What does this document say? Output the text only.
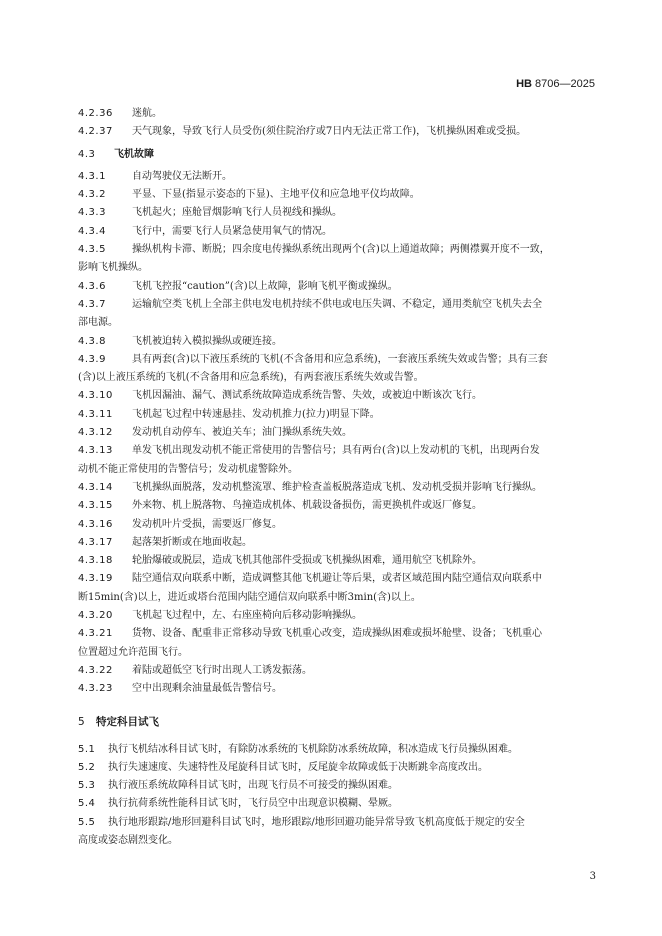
HB 8706—2025
4.2.36	迷航。
4.2.37	天气现象，导致飞行人员受伤(须住院治疗或7日内无法正常工作)，飞机操纵困难或受损。
4.3	飞机故障
4.3.1	自动驾驶仪无法断开。
4.3.2	平显、下显(指显示姿态的下显)、主地平仪和应急地平仪均故障。
4.3.3	飞机起火；座舱冒烟影响飞行人员视线和操纵。
4.3.4	飞行中，需要飞行人员紧急使用氧气的情况。
4.3.5	操纵机构卡滞、断脱；四余度电传操纵系统出现两个(含)以上通道故障；两侧襟翼开度不一致，
影响飞机操纵。
4.3.6	飞机飞控报“caution”(含)以上故障，影响飞机平衡或操纵。
4.3.7	运输航空类飞机上全部主供电发电机持续不供电或电压失调、不稳定，通用类航空飞机失去全
部电源。
4.3.8	飞机被迫转入模拟操纵或硬连接。
4.3.9	具有两套(含)以下液压系统的飞机(不含备用和应急系统)，一套液压系统失效或告警；具有三套
(含)以上液压系统的飞机(不含备用和应急系统)，有两套液压系统失效或告警。
4.3.10	飞机因漏油、漏气、测试系统故障造成系统告警、失效，或被迫中断该次飞行。
4.3.11	飞机起飞过程中转速悬挂、发动机推力(拉力)明显下降。
4.3.12	发动机自动停车、被迫关车；油门操纵系统失效。
4.3.13	单发飞机出现发动机不能正常使用的告警信号；具有两台(含)以上发动机的飞机，出现两台发
动机不能正常使用的告警信号；发动机虚警除外。
4.3.14	飞机操纵面脱落，发动机整流罩、维护检查盖板脱落造成飞机、发动机受损并影响飞行操纵。
4.3.15	外来物、机上脱落物、鸟撞造成机体、机载设备损伤，需更换机件或返厂修复。
4.3.16	发动机叶片受损，需要返厂修复。
4.3.17	起落架折断或在地面收起。
4.3.18	轮胎爆破或脱层，造成飞机其他部件受损或飞机操纵困难，通用航空飞机除外。
4.3.19	陆空通信双向联系中断，造成调整其他飞机避让等后果，或者区域范围内陆空通信双向联系中
断15min(含)以上，进近或塔台范围内陆空通信双向联系中断3min(含)以上。
4.3.20	飞机起飞过程中，左、右座座椅向后移动影响操纵。
4.3.21	货物、设备、配重非正常移动导致飞机重心改变，造成操纵困难或损坏舱壁、设备；飞机重心
位置超过允许范围飞行。
4.3.22	着陆或超低空飞行时出现人工诱发振荡。
4.3.23	空中出现剩余油量最低告警信号。
5	特定科目试飞
5.1	执行飞机结冰科目试飞时，有除防冰系统的飞机除防冰系统故障，积冰造成飞行员操纵困难。
5.2	执行失速速度、失速特性及尾旋科目试飞时，反尾旋伞故障或低于决断跳伞高度改出。
5.3	执行液压系统故障科目试飞时，出现飞行员不可接受的操纵困难。
5.4	执行抗荷系统性能科目试飞时，飞行员空中出现意识模糊、晕厥。
5.5	执行地形跟踪/地形回避科目试飞时，地形跟踪/地形回避功能异常导致飞机高度低于规定的安全
高度或姿态剧烈变化。
3
